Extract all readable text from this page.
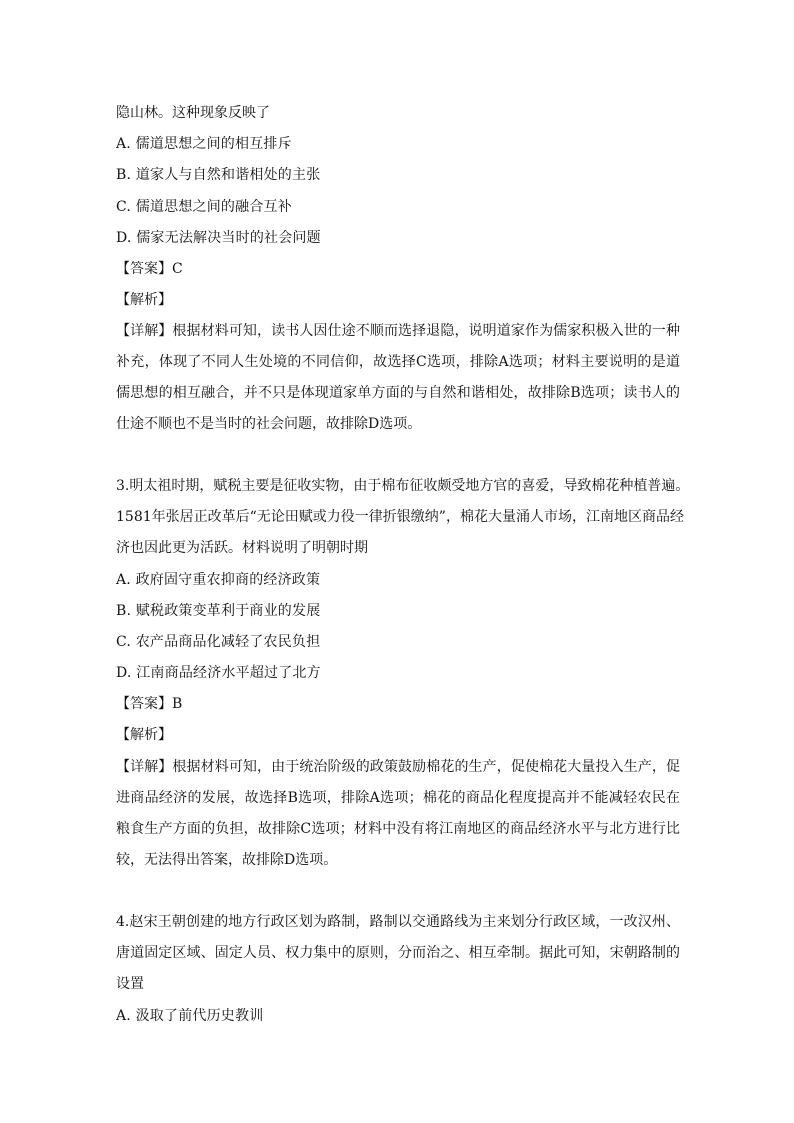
隐山林。这种现象反映了
A. 儒道思想之间的相互排斥
B. 道家人与自然和谐相处的主张
C. 儒道思想之间的融合互补
D. 儒家无法解决当时的社会问题
【答案】C
【解析】
【详解】根据材料可知，读书人因仕途不顺而选择退隐，说明道家作为儒家积极入世的一种
补充，体现了不同人生处境的不同信仰，故选择C选项，排除A选项；材料主要说明的是道
儒思想的相互融合，并不只是体现道家单方面的与自然和谐相处，故排除B选项；读书人的
仕途不顺也不是当时的社会问题，故排除D选项。
3.明太祖时期，赋税主要是征收实物，由于棉布征收颇受地方官的喜爱，导致棉花种植普遍。
1581年张居正改革后“无论田赋或力役一律折银缴纳”，棉花大量涌人市场，江南地区商品经
济也因此更为活跃。材料说明了明朝时期
A. 政府固守重农抑商的经济政策
B. 赋税政策变革利于商业的发展
C. 农产品商品化减轻了农民负担
D. 江南商品经济水平超过了北方
【答案】B
【解析】
【详解】根据材料可知，由于统治阶级的政策鼓励棉花的生产，促使棉花大量投入生产，促
进商品经济的发展，故选择B选项，排除A选项；棉花的商品化程度提高并不能减轻农民在
粮食生产方面的负担，故排除C选项；材料中没有将江南地区的商品经济水平与北方进行比
较，无法得出答案，故排除D选项。
4.赵宋王朝创建的地方行政区划为路制，路制以交通路线为主来划分行政区域，一改汉州、
唐道固定区域、固定人员、权力集中的原则，分而治之、相互牵制。据此可知，宋朝路制的
设置
A. 汲取了前代历史教训
